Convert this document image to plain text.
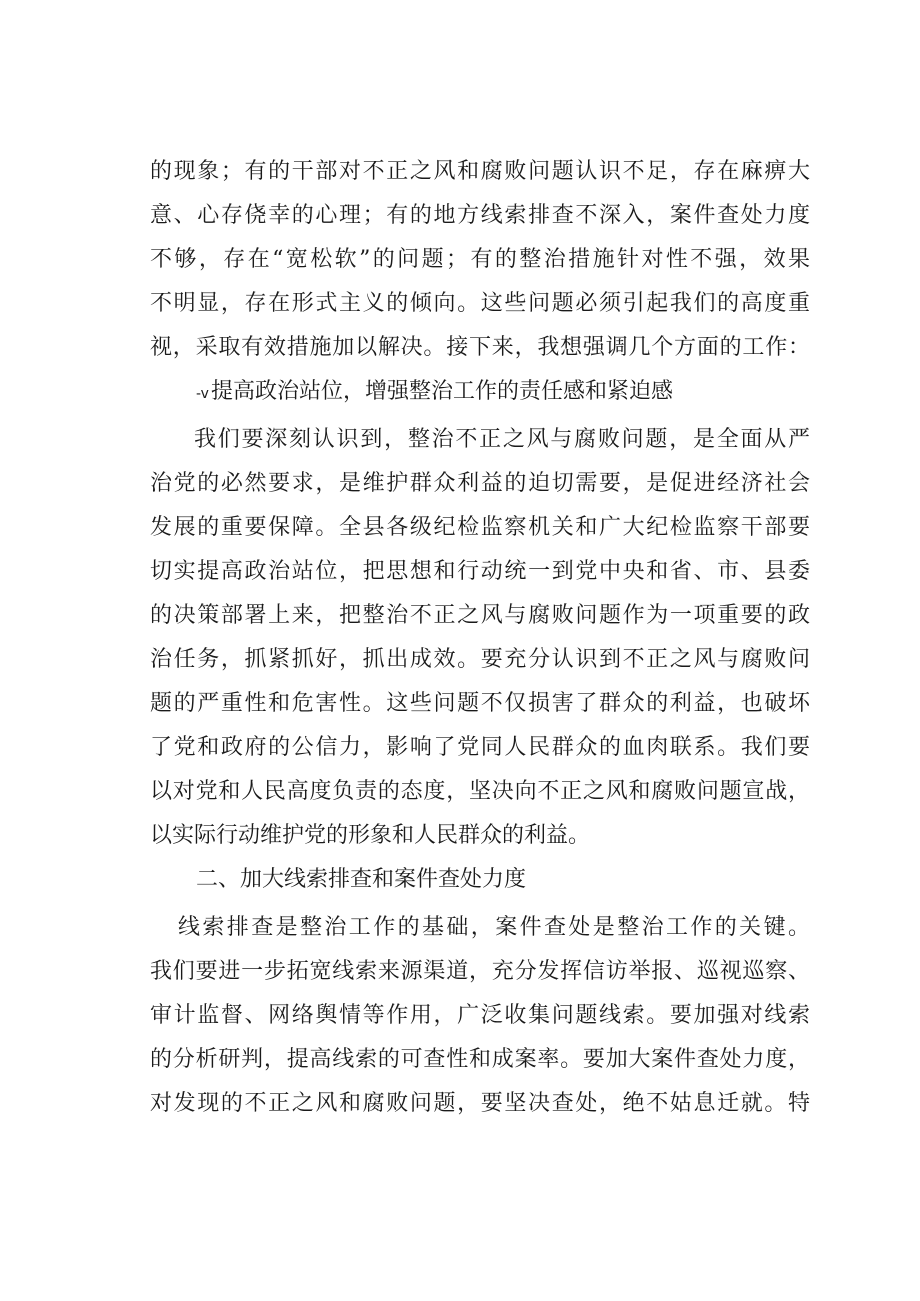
的现象；有的干部对不正之风和腐败问题认识不足，存在麻痹大
意、心存侥幸的心理；有的地方线索排查不深入，案件查处力度
不够，存在“宽松软”的问题；有的整治措施针对性不强，效果
不明显，存在形式主义的倾向。这些问题必须引起我们的高度重
视，采取有效措施加以解决。接下来，我想强调几个方面的工作：
-v提高政治站位，增强整治工作的责任感和紧迫感
我们要深刻认识到，整治不正之风与腐败问题，是全面从严
治党的必然要求，是维护群众利益的迫切需要，是促进经济社会
发展的重要保障。全县各级纪检监察机关和广大纪检监察干部要
切实提高政治站位，把思想和行动统一到党中央和省、市、县委
的决策部署上来，把整治不正之风与腐败问题作为一项重要的政
治任务，抓紧抓好，抓出成效。要充分认识到不正之风与腐败问
题的严重性和危害性。这些问题不仅损害了群众的利益，也破坏
了党和政府的公信力，影响了党同人民群众的血肉联系。我们要
以对党和人民高度负责的态度，坚决向不正之风和腐败问题宣战，
以实际行动维护党的形象和人民群众的利益。
二、加大线索排查和案件查处力度
线索排查是整治工作的基础，案件查处是整治工作的关键。
我们要进一步拓宽线索来源渠道，充分发挥信访举报、巡视巡察、
审计监督、网络舆情等作用，广泛收集问题线索。要加强对线索
的分析研判，提高线索的可查性和成案率。要加大案件查处力度，
对发现的不正之风和腐败问题，要坚决查处，绝不姑息迁就。特
